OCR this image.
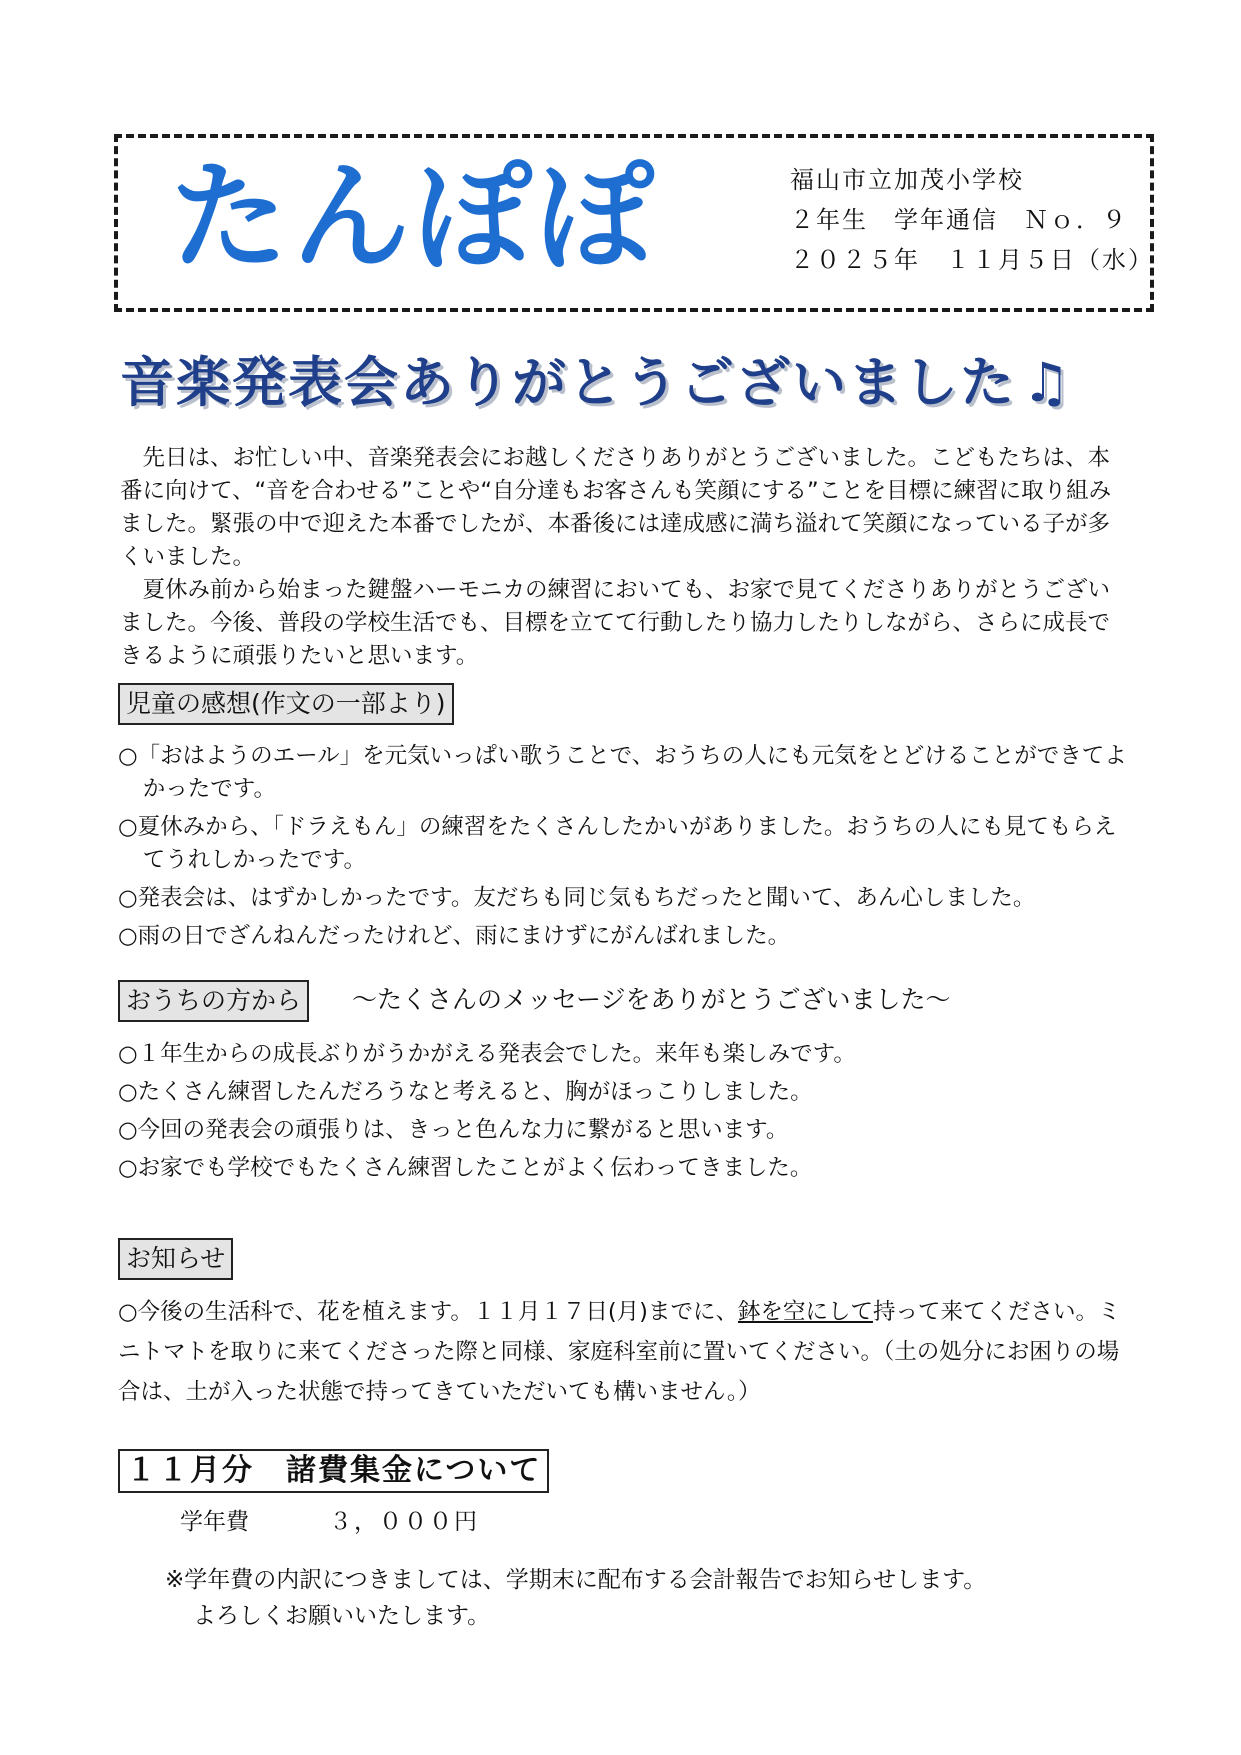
たんぽぽ	福山市立加茂小学校
２年生　学年通信　Ｎｏ．９
２０２５年　１１月５日（水）
音楽発表会ありがとうございました ♫

先日は、お忙しい中、音楽発表会にお越しくださりありがとうございました。こどもたちは、本番に向けて、“音を合わせる”ことや“自分達もお客さんも笑顔にする”ことを目標に練習に取り組みました。緊張の中で迎えた本番でしたが、本番後には達成感に満ち溢れて笑顔になっている子が多くいました。

夏休み前から始まった鍵盤ハーモニカの練習においても、お家で見てくださりありがとうございました。今後、普段の学校生活でも、目標を立てて行動したり協力したりしながら、さらに成長できるように頑張りたいと思います。

児童の感想(作文の一部より)
○「おはようのエール」を元気いっぱい歌うことで、おうちの人にも元気をとどけることができてよかったです。
○夏休みから、「ドラえもん」の練習をたくさんしたかいがありました。おうちの人にも見てもらえてうれしかったです。
○発表会は、はずかしかったです。友だちも同じ気もちだったと聞いて、あん心しました。
○雨の日でざんねんだったけれど、雨にまけずにがんばれました。
おうちの方から	～たくさんのメッセージをありがとうございました～
○１年生からの成長ぶりがうかがえる発表会でした。来年も楽しみです。
○たくさん練習したんだろうなと考えると、胸がほっこりしました。
○今回の発表会の頑張りは、きっと色んな力に繋がると思います。
○お家でも学校でもたくさん練習したことがよく伝わってきました。
お知らせ
○今後の生活科で、花を植えます。１１月１７日(月)までに、鉢を空にして持って来てください。ミニトマトを取りに来てくださった際と同様、家庭科室前に置いてください。（土の処分にお困りの場合は、土が入った状態で持ってきていただいても構いません。）
１１月分　諸費集金について
学年費	３，０００円
※学年費の内訳につきましては、学期末に配布する会計報告でお知らせします。
よろしくお願いいたします。
